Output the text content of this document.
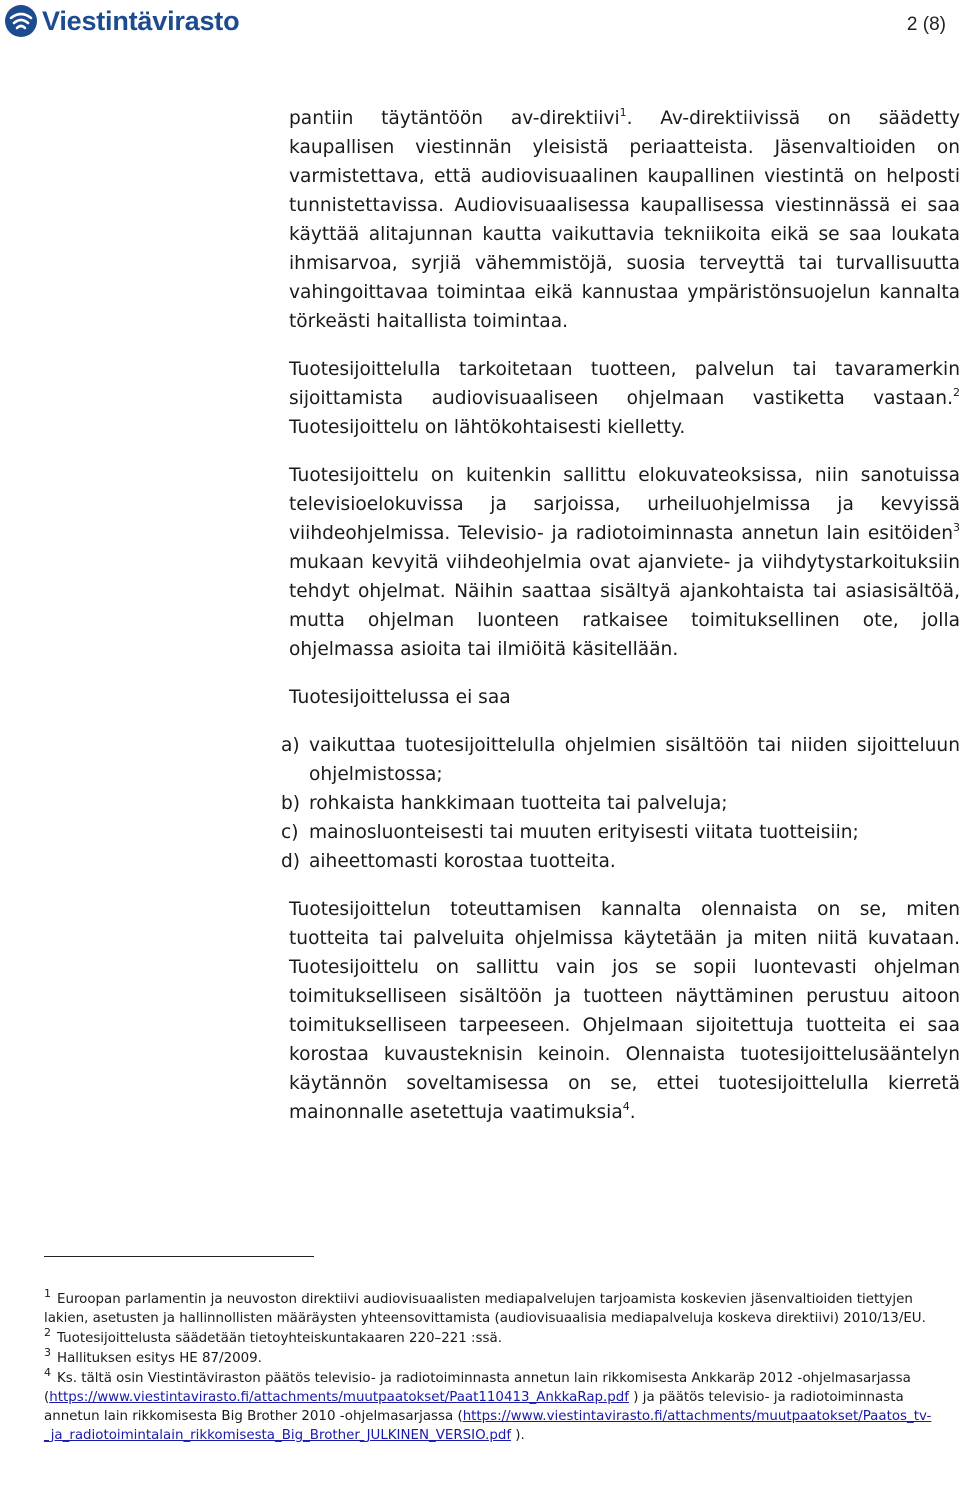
Viestintävirasto	2 (8)

pantiin täytäntöön av-direktiivi$^1$. Av-direktiivissä on säädetty kaupallisen viestinnän yleisistä periaatteista. Jäsenvaltioiden on varmistettava, että audiovisuaalinen kaupallinen viestintä on helposti tunnistettavissa. Audiovisuaalisessa kaupallisessa viestinnässä ei saa käyttää alitajunnan kautta vaikuttavia tekniikoita eikä se saa loukata ihmisarvoa, syrjiä vähemmistöjä, suosia terveyttä tai turvallisuutta vahingoittavaa toimintaa eikä kannustaa ympäristönsuojelun kannalta törkeästi haitallista toimintaa.

Tuotesijoittelulla tarkoitetaan tuotteen, palvelun tai tavaramerkin sijoittamista audiovisuaaliseen ohjelmaan vastiketta vastaan.$^2$ Tuotesijoittelu on lähtökohtaisesti kielletty.

Tuotesijoittelu on kuitenkin sallittu elokuvateoksissa, niin sanotuissa televisioelokuvissa ja sarjoissa, urheiluohjelmissa ja kevyissä viihdeohjelmissa. Televisio- ja radiotoiminnasta annetun lain esitöiden$^3$ mukaan kevyitä viihdeohjelmia ovat ajanviete- ja viihdytystarkoituksiin tehdyt ohjelmat. Näihin saattaa sisältyä ajankohtaista tai asiasisältöä, mutta ohjelman luonteen ratkaisee toimituksellinen ote, jolla ohjelmassa asioita tai ilmiöitä käsitellään.

Tuotesijoittelussa ei saa

a) vaikuttaa tuotesijoittelulla ohjelmien sisältöön tai niiden sijoitteluun ohjelmistossa;
b) rohkaista hankkimaan tuotteita tai palveluja;
c) mainosluonteisesti tai muuten erityisesti viitata tuotteisiin;
d) aiheettomasti korostaa tuotteita.

Tuotesijoittelun toteuttamisen kannalta olennaista on se, miten tuotteita tai palveluita ohjelmissa käytetään ja miten niitä kuvataan. Tuotesijoittelu on sallittu vain jos se sopii luontevasti ohjelman toimitukselliseen sisältöön ja tuotteen näyttäminen perustuu aitoon toimitukselliseen tarpeeseen. Ohjelmaan sijoitettuja tuotteita ei saa korostaa kuvausteknisin keinoin. Olennaista tuotesijoittelusääntelyn käytännön soveltamisessa on se, ettei tuotesijoittelulla kierretä mainonnalle asetettuja vaatimuksia$^4$.

$^1$ Euroopan parlamentin ja neuvoston direktiivi audiovisuaalisten mediapalvelujen tarjoamista koskevien jäsenvaltioiden tiettyjen lakien, asetusten ja hallinnollisten määräysten yhteensovittamista (audiovisuaalisia mediapalveluja koskeva direktiivi) 2010/13/EU.
$^2$ Tuotesijoittelusta säädetään tietoyhteiskuntakaaren 220–221 :ssä.
$^3$ Hallituksen esitys HE 87/2009.
$^4$ Ks. tältä osin Viestintäviraston päätös televisio- ja radiotoiminnasta annetun lain rikkomisesta Ankkaräp 2012 -ohjelmasarjassa (https://www.viestintavirasto.fi/attachments/muutpaatokset/Paat110413_AnkkaRap.pdf ) ja päätös televisio- ja radiotoiminnasta annetun lain rikkomisesta Big Brother 2010 -ohjelmasarjassa (https://www.viestintavirasto.fi/attachments/muutpaatokset/Paatos_tv-_ja_radiotoimintalain_rikkomisesta_Big_Brother_JULKINEN_VERSIO.pdf ).
